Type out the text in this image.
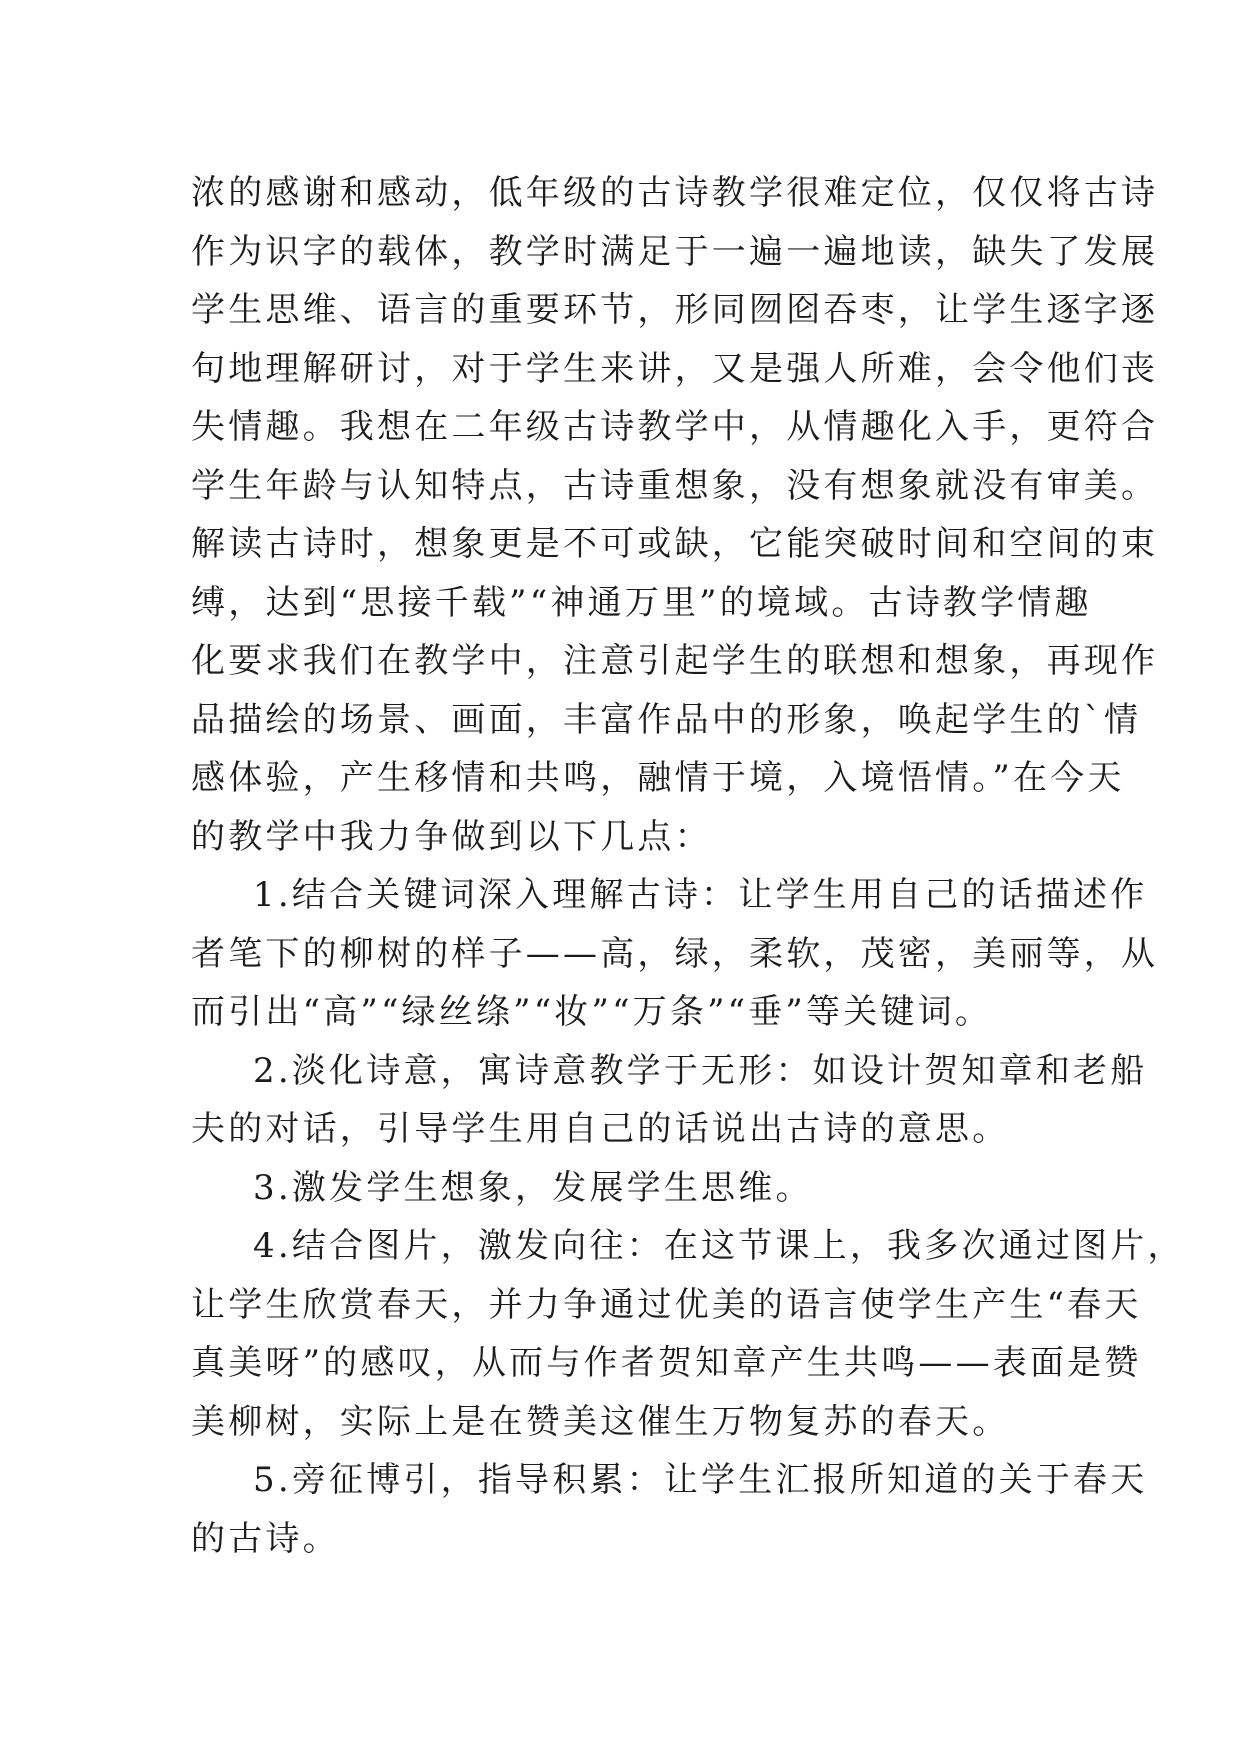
浓的感谢和感动，低年级的古诗教学很难定位，仅仅将古诗
作为识字的载体，教学时满足于一遍一遍地读，缺失了发展
学生思维、语言的重要环节，形同囫囵吞枣，让学生逐字逐
句地理解研讨，对于学生来讲，又是强人所难，会令他们丧
失情趣。我想在二年级古诗教学中，从情趣化入手，更符合
学生年龄与认知特点，古诗重想象，没有想象就没有审美。
解读古诗时，想象更是不可或缺，它能突破时间和空间的束
缚，达到“思接千载”“神通万里”的境域。古诗教学情趣
化要求我们在教学中，注意引起学生的联想和想象，再现作
品描绘的场景、画面，丰富作品中的形象，唤起学生的`情
感体验，产生移情和共鸣，融情于境，入境悟情。”在今天
的教学中我力争做到以下几点：
1.结合关键词深入理解古诗：让学生用自己的话描述作
者笔下的柳树的样子——高，绿，柔软，茂密，美丽等，从
而引出“高”“绿丝绦”“妆”“万条”“垂”等关键词。
2.淡化诗意，寓诗意教学于无形：如设计贺知章和老船
夫的对话，引导学生用自己的话说出古诗的意思。
3.激发学生想象，发展学生思维。
4.结合图片，激发向往：在这节课上，我多次通过图片，
让学生欣赏春天，并力争通过优美的语言使学生产生“春天
真美呀”的感叹，从而与作者贺知章产生共鸣——表面是赞
美柳树，实际上是在赞美这催生万物复苏的春天。
5.旁征博引，指导积累：让学生汇报所知道的关于春天
的古诗。
